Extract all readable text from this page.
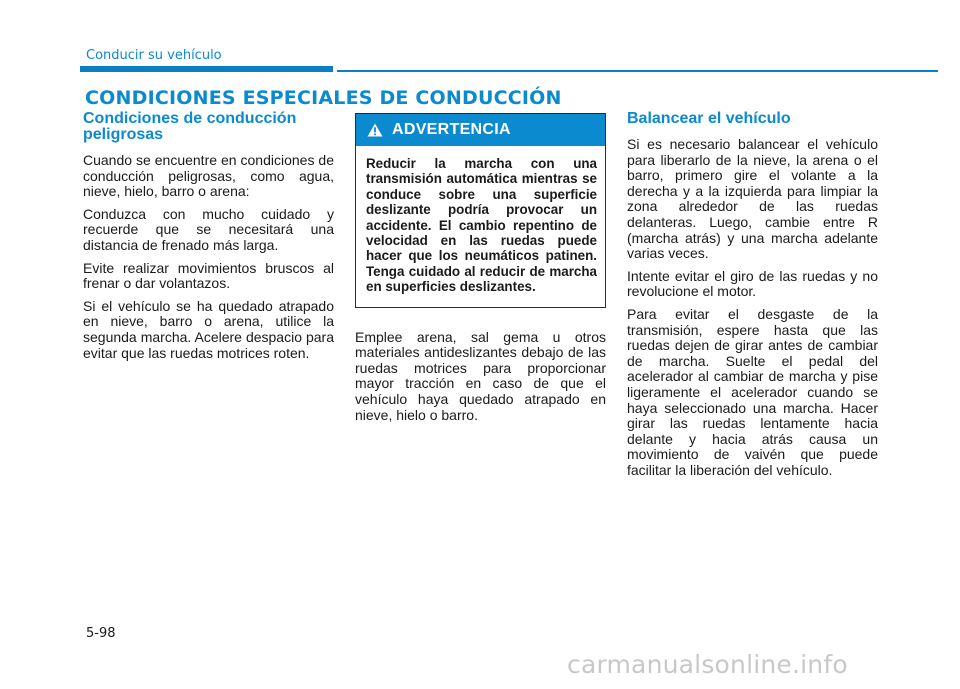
Conducir su vehículo
CONDICIONES ESPECIALES DE CONDUCCIÓN
Condiciones de conducción peligrosas

Cuando se encuentre en condiciones de conducción peligrosas, como agua, nieve, hielo, barro o arena:

Conduzca con mucho cuidado y recuerde que se necesitará una distancia de frenado más larga.

Evite realizar movimientos bruscos al frenar o dar volantazos.

Si el vehículo se ha quedado atrapado en nieve, barro o arena, utilice la segunda marcha. Acelere despacio para evitar que las ruedas motrices roten.

ADVERTENCIA
Reducir la marcha con una transmisión automática mientras se conduce sobre una superficie deslizante podría provocar un accidente. El cambio repentino de velocidad en las ruedas puede hacer que los neumáticos patinen. Tenga cuidado al reducir de marcha en superficies deslizantes.

Emplee arena, sal gema u otros materiales antideslizantes debajo de las ruedas motrices para proporcionar mayor tracción en caso de que el vehículo haya quedado atrapado en nieve, hielo o barro.

Balancear el vehículo

Si es necesario balancear el vehículo para liberarlo de la nieve, la arena o el barro, primero gire el volante a la derecha y a la izquierda para limpiar la zona alrededor de las ruedas delanteras. Luego, cambie entre R (marcha atrás) y una marcha adelante varias veces.

Intente evitar el giro de las ruedas y no revolucione el motor.

Para evitar el desgaste de la transmisión, espere hasta que las ruedas dejen de girar antes de cambiar de marcha. Suelte el pedal del acelerador al cambiar de marcha y pise ligeramente el acelerador cuando se haya seleccionado una marcha. Hacer girar las ruedas lentamente hacia delante y hacia atrás causa un movimiento de vaivén que puede facilitar la liberación del vehículo.

5-98
carmanualsonline.info
